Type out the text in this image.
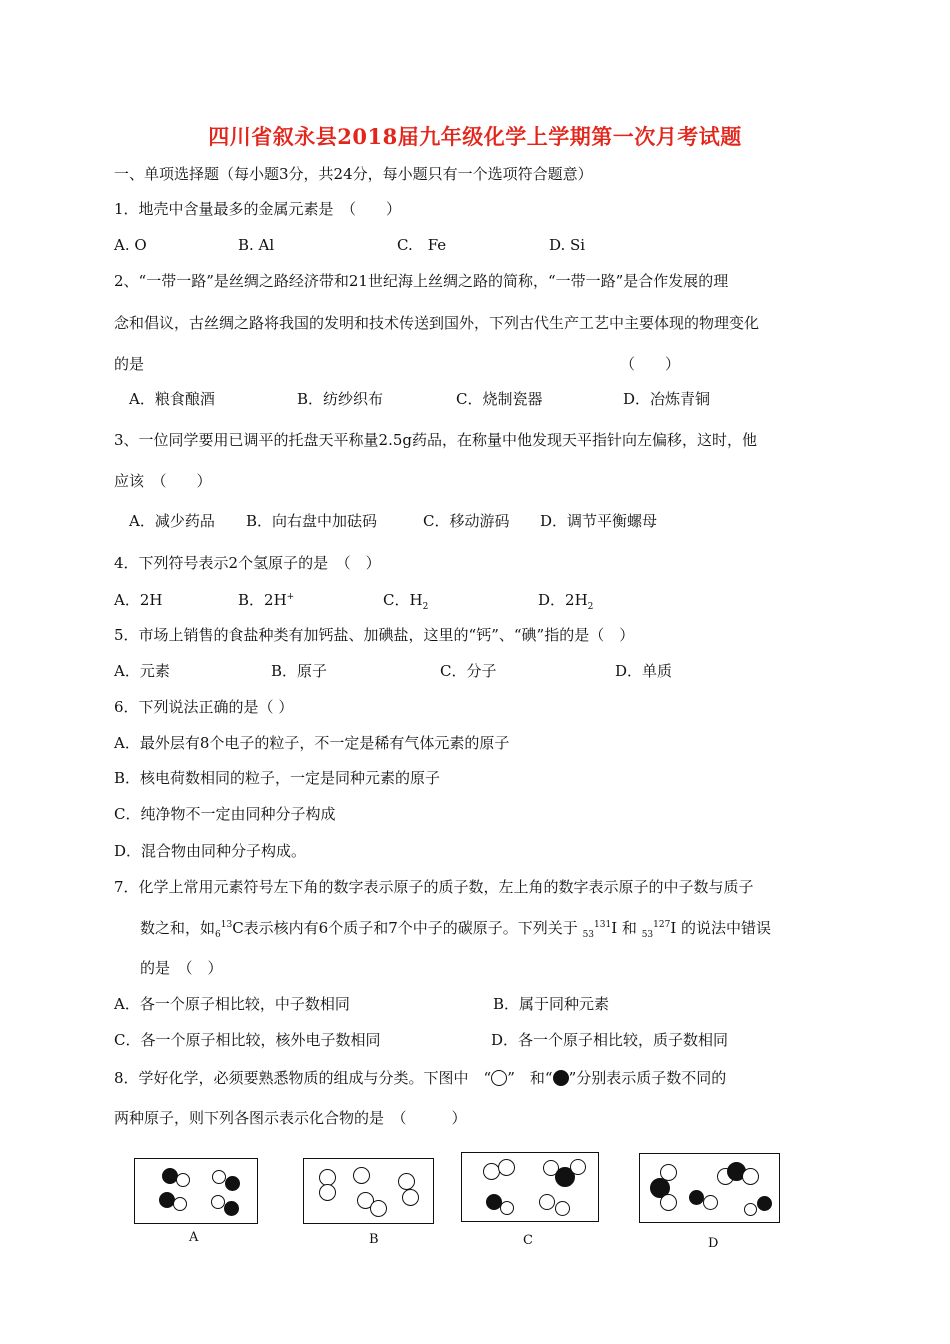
四川省叙永县2018届九年级化学上学期第一次月考试题
一、单项选择题（每小题3分，共24分，每小题只有一个选项符合题意）
1．地壳中含量最多的金属元素是　（　　）
A. O	B. Al	C.　Fe	D. Si
2、“一带一路”是丝绸之路经济带和21世纪海上丝绸之路的简称，“一带一路”是合作发展的理
念和倡议，古丝绸之路将我国的发明和技术传送到国外，下列古代生产工艺中主要体现的物理变化
的是	（　　）
A．粮食酿酒	B．纺纱织布	C．烧制瓷器	D．冶炼青铜
3、一位同学要用已调平的托盘天平称量2.5g药品，在称量中他发现天平指针向左偏移，这时，他
应该　（　　）
A．减少药品 B．向右盘中加砝码	C．移动游码 D．调节平衡螺母
4．下列符号表示2个氢原子的是　（　）
A．2H	B．2H+	C．$H_2$	D．$2H_2$
5．市场上销售的食盐种类有加钙盐、加碘盐，这里的“钙”、“碘”指的是（　）
A．元素	B．原子	C．分子	D．单质
6．下列说法正确的是（ ）
A．最外层有8个电子的粒子，不一定是稀有气体元素的原子
B．核电荷数相同的粒子，一定是同种元素的原子
C．纯净物不一定由同种分子构成
D．混合物由同种分子构成。
7．化学上常用元素符号左下角的数字表示原子的质子数，左上角的数字表示原子的中子数与质子
数之和，如$_6^{13}$C表示核内有6个质子和7个中子的碳原子。下列关于 $_{53}^{131}$I 和 $_{53}^{127}$I 的说法中错误
的是　（　）
A．各一个原子相比较，中子数相同	B．属于同种元素
C．各一个原子相比较，核外电子数相同	D．各一个原子相比较，质子数相同
8．学好化学，必须要熟悉物质的组成与分类。下图中　“ ”　和“ ”分别表示质子数不同的
两种原子，则下列各图示表示化合物的是　（　　　）
A	B	C	D
